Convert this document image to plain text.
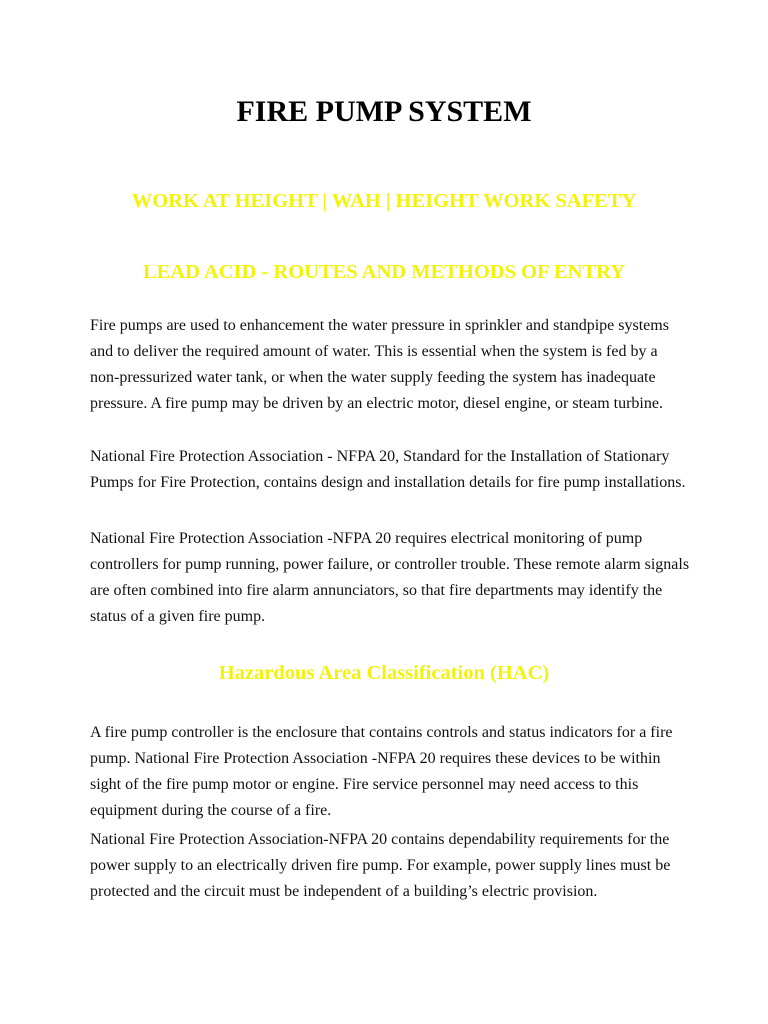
FIRE PUMP SYSTEM
WORK AT HEIGHT | WAH | HEIGHT WORK SAFETY
LEAD ACID - ROUTES AND METHODS OF ENTRY

Fire pumps are used to enhancement the water pressure in sprinkler and standpipe systems and to deliver the required amount of water. This is essential when the system is fed by a non-pressurized water tank, or when the water supply feeding the system has inadequate pressure. A fire pump may be driven by an electric motor, diesel engine, or steam turbine.

National Fire Protection Association - NFPA 20, Standard for the Installation of Stationary Pumps for Fire Protection, contains design and installation details for fire pump installations.

National Fire Protection Association -NFPA 20 requires electrical monitoring of pump controllers for pump running, power failure, or controller trouble. These remote alarm signals are often combined into fire alarm annunciators, so that fire departments may identify the status of a given fire pump.

Hazardous Area Classification (HAC)

A fire pump controller is the enclosure that contains controls and status indicators for a fire pump. National Fire Protection Association -NFPA 20 requires these devices to be within sight of the fire pump motor or engine. Fire service personnel may need access to this equipment during the course of a fire.

National Fire Protection Association-NFPA 20 contains dependability requirements for the power supply to an electrically driven fire pump. For example, power supply lines must be protected and the circuit must be independent of a building’s electric provision.
